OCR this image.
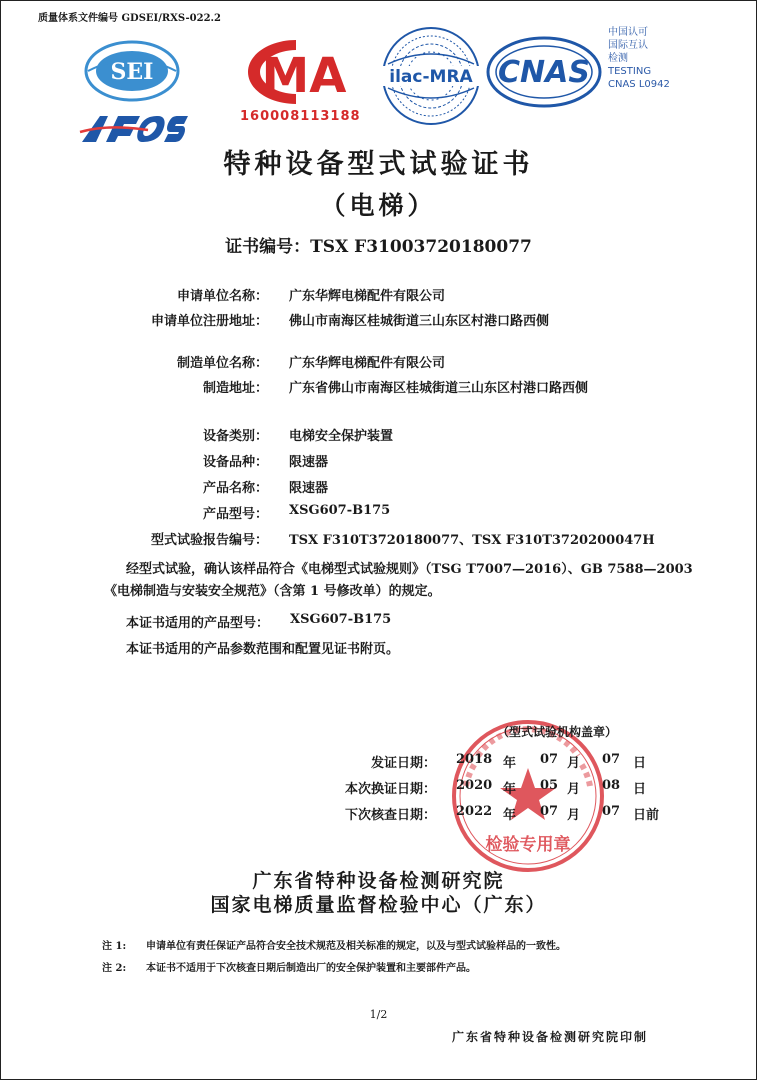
质量体系文件编号 GDSEI/RXS-022.2
SEI MA
160008113188
ilac-MRA CNAS
中国认可
国际互认
检测
TESTING
CNAS L0942
特种设备型式试验证书
（电梯）
证书编号：TSX F31003720180077
申请单位名称： 广东华辉电梯配件有限公司
申请单位注册地址： 佛山市南海区桂城街道三山东区村港口路西侧
制造单位名称： 广东华辉电梯配件有限公司
制造地址： 广东省佛山市南海区桂城街道三山东区村港口路西侧
设备类别： 电梯安全保护装置
设备品种： 限速器
产品名称： 限速器
产品型号： XSG607-B175
型式试验报告编号： TSX F310T3720180077、TSX F310T3720200047H
经型式试验，确认该样品符合《电梯型式试验规则》（TSG T7007—2016）、GB 7588—2003
《电梯制造与安装安全规范》（含第 1 号修改单）的规定。
本证书适用的产品型号： XSG607-B175
本证书适用的产品参数范围和配置见证书附页。
检验专用章
（型式试验机构盖章）
发证日期： 2018 年 07 月 07 日
本次换证日期： 2020 年 05 月 08 日
下次核查日期： 2022 年 07 月 07 日前
广东省特种设备检测研究院
国家电梯质量监督检验中心（广东）
注 1: 申请单位有责任保证产品符合安全技术规范及相关标准的规定，以及与型式试验样品的一致性。
注 2: 本证书不适用于下次核查日期后制造出厂的安全保护装置和主要部件产品。
1/2
广东省特种设备检测研究院印制
